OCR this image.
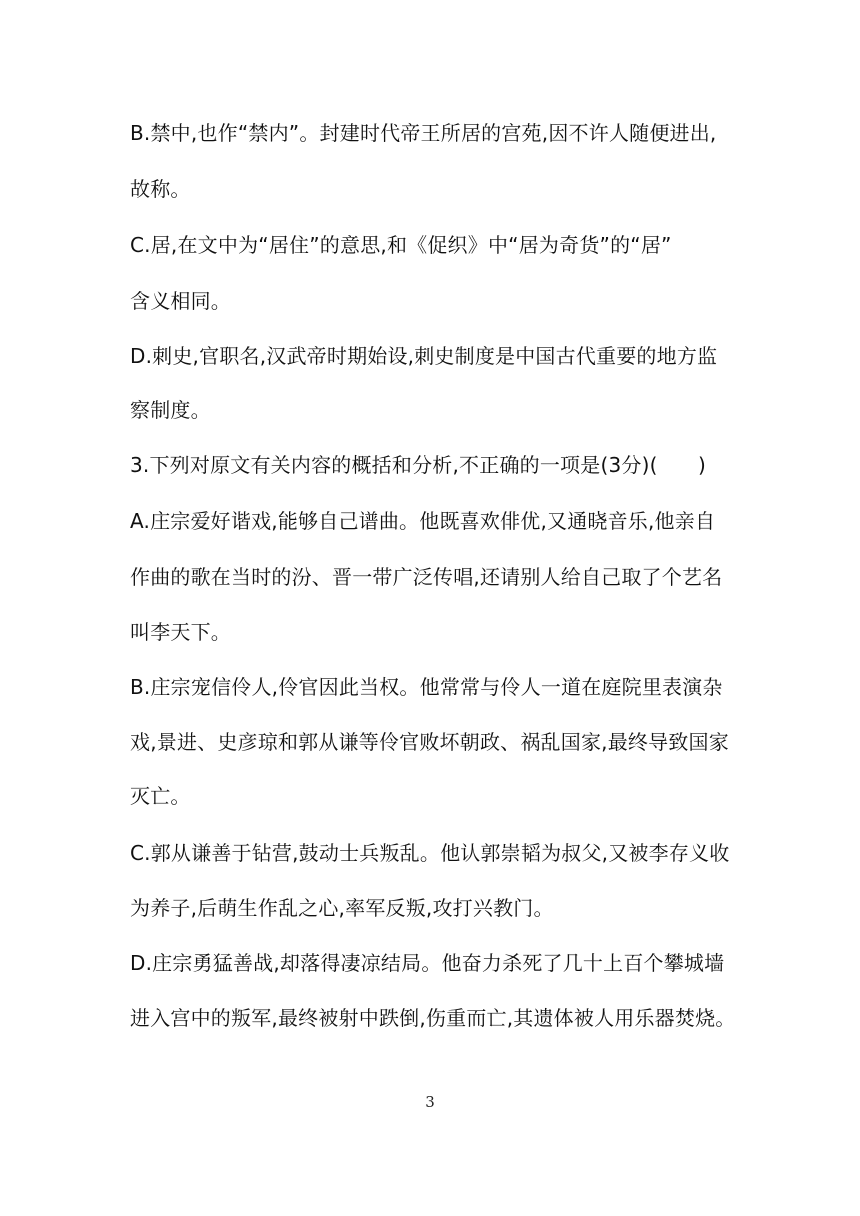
B.禁中,也作“禁内”。封建时代帝王所居的宫苑,因不许人随便进出,
故称。
C.居,在文中为“居住”的意思,和《促织》中“居为奇货”的“居”
含义相同。
D.刺史,官职名,汉武帝时期始设,刺史制度是中国古代重要的地方监
察制度。
3.下列对原文有关内容的概括和分析,不正确的一项是(3分)(　　)
A.庄宗爱好谐戏,能够自己谱曲。他既喜欢俳优,又通晓音乐,他亲自
作曲的歌在当时的汾、晋一带广泛传唱,还请别人给自己取了个艺名
叫李天下。
B.庄宗宠信伶人,伶官因此当权。他常常与伶人一道在庭院里表演杂
戏,景进、史彦琼和郭从谦等伶官败坏朝政、祸乱国家,最终导致国家
灭亡。
C.郭从谦善于钻营,鼓动士兵叛乱。他认郭崇韬为叔父,又被李存义收
为养子,后萌生作乱之心,率军反叛,攻打兴教门。
D.庄宗勇猛善战,却落得凄凉结局。他奋力杀死了几十上百个攀城墙
进入宫中的叛军,最终被射中跌倒,伤重而亡,其遗体被人用乐器焚烧。
3
